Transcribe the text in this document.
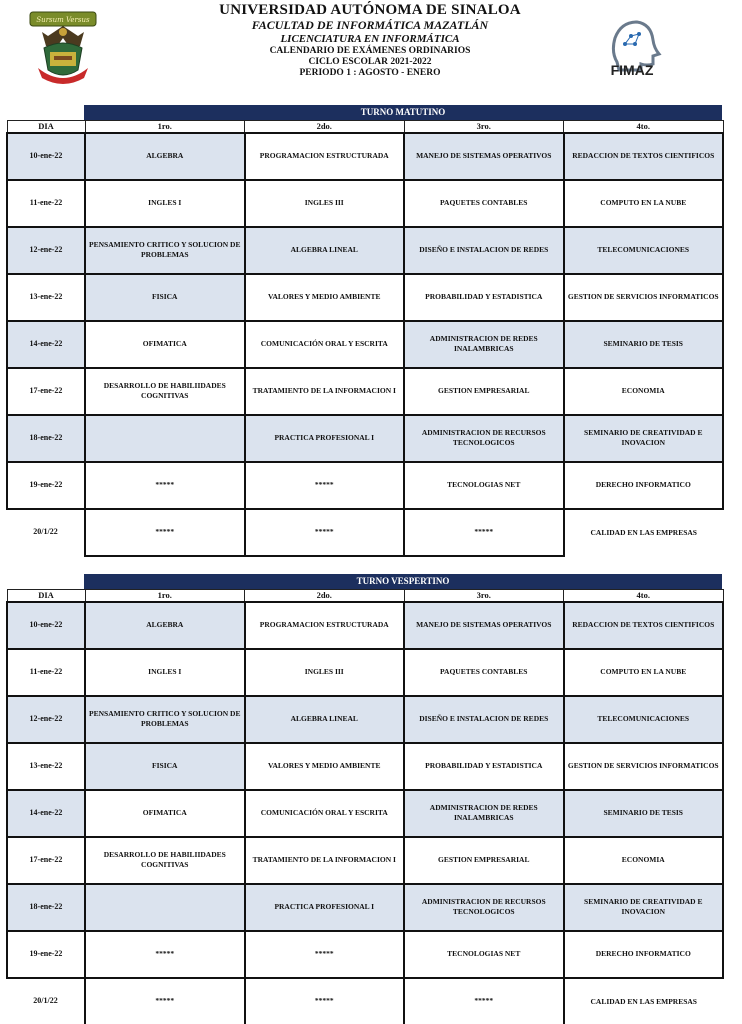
Sursum Versus
UNIVERSIDAD AUTÓNOMA DE SINALOA
FACULTAD DE INFORMÁTICA MAZATLÁN
LICENCIATURA EN INFORMÁTICA
CALENDARIO DE EXÁMENES ORDINARIOS
CICLO ESCOLAR 2021-2022
PERIODO 1 : AGOSTO - ENERO	FIMAZ
TURNO MATUTINO
DIA	1ro.	2do.	3ro.	4to.
10-ene-22	ALGEBRA	PROGRAMACION ESTRUCTURADA	MANEJO DE SISTEMAS OPERATIVOS	REDACCION DE TEXTOS CIENTIFICOS
11-ene-22	INGLES I	INGLES III	PAQUETES CONTABLES	COMPUTO EN LA NUBE
12-ene-22	PENSAMIENTO CRITICO Y SOLUCION DE PROBLEMAS	ALGEBRA LINEAL	DISEÑO E INSTALACION DE REDES	TELECOMUNICACIONES
13-ene-22	FISICA	VALORES Y MEDIO AMBIENTE	PROBABILIDAD Y ESTADISTICA	GESTION DE SERVICIOS INFORMATICOS
14-ene-22	OFIMATICA	COMUNICACIÓN ORAL Y ESCRITA	ADMINISTRACION DE REDES INALAMBRICAS	SEMINARIO DE TESIS
17-ene-22	DESARROLLO DE HABILIIDADES COGNITIVAS	TRATAMIENTO DE LA INFORMACION I	GESTION EMPRESARIAL	ECONOMIA
18-ene-22		PRACTICA PROFESIONAL I	ADMINISTRACION DE RECURSOS TECNOLOGICOS	SEMINARIO DE CREATIVIDAD E INOVACION
19-ene-22	*****	*****	TECNOLOGIAS NET	DERECHO INFORMATICO
20/1/22	*****	*****	*****	CALIDAD EN LAS EMPRESAS
TURNO VESPERTINO
DIA	1ro.	2do.	3ro.	4to.
10-ene-22	ALGEBRA	PROGRAMACION ESTRUCTURADA	MANEJO DE SISTEMAS OPERATIVOS	REDACCION DE TEXTOS CIENTIFICOS
11-ene-22	INGLES I	INGLES III	PAQUETES CONTABLES	COMPUTO EN LA NUBE
12-ene-22	PENSAMIENTO CRITICO Y SOLUCION DE PROBLEMAS	ALGEBRA LINEAL	DISEÑO E INSTALACION DE REDES	TELECOMUNICACIONES
13-ene-22	FISICA	VALORES Y MEDIO AMBIENTE	PROBABILIDAD Y ESTADISTICA	GESTION DE SERVICIOS INFORMATICOS
14-ene-22	OFIMATICA	COMUNICACIÓN ORAL Y ESCRITA	ADMINISTRACION DE REDES INALAMBRICAS	SEMINARIO DE TESIS
17-ene-22	DESARROLLO DE HABILIIDADES COGNITIVAS	TRATAMIENTO DE LA INFORMACION I	GESTION EMPRESARIAL	ECONOMIA
18-ene-22		PRACTICA PROFESIONAL I	ADMINISTRACION DE RECURSOS TECNOLOGICOS	SEMINARIO DE CREATIVIDAD E INOVACION
19-ene-22	*****	*****	TECNOLOGIAS NET	DERECHO INFORMATICO
20/1/22	*****	*****	*****	CALIDAD EN LAS EMPRESAS
